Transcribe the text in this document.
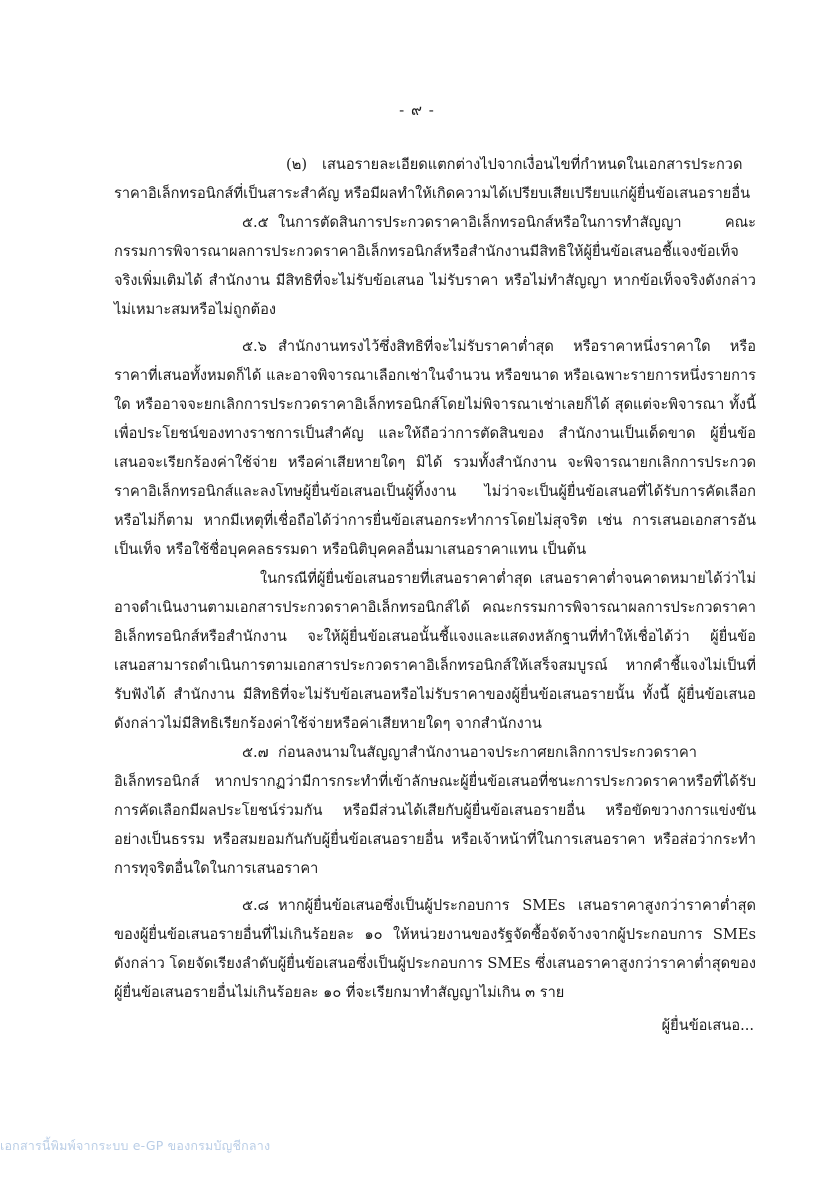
- ๙ -

(๒) เสนอรายละเอียดแตกต่างไปจากเงื่อนไขที่กำหนดในเอกสารประกวดราคาอิเล็กทรอนิกส์ที่เป็นสาระสำคัญ หรือมีผลทำให้เกิดความได้เปรียบเสียเปรียบแก่ผู้ยื่นข้อเสนอรายอื่น

๕.๕ ในการตัดสินการประกวดราคาอิเล็กทรอนิกส์หรือในการทำสัญญา คณะกรรมการพิจารณาผลการประกวดราคาอิเล็กทรอนิกส์หรือสำนักงานมีสิทธิให้ผู้ยื่นข้อเสนอชี้แจงข้อเท็จจริงเพิ่มเติมได้ สำนักงาน มีสิทธิที่จะไม่รับข้อเสนอ ไม่รับราคา หรือไม่ทำสัญญา หากข้อเท็จจริงดังกล่าว ไม่เหมาะสมหรือไม่ถูกต้อง

๕.๖ สำนักงานทรงไว้ซึ่งสิทธิที่จะไม่รับราคาต่ำสุด หรือราคาหนึ่งราคาใด หรือราคาที่เสนอทั้งหมดก็ได้ และอาจพิจารณาเลือกเช่าในจำนวน หรือขนาด หรือเฉพาะรายการหนึ่งรายการใด หรืออาจจะยกเลิกการประกวดราคาอิเล็กทรอนิกส์โดยไม่พิจารณาเช่าเลยก็ได้ สุดแต่จะพิจารณา ทั้งนี้ เพื่อประโยชน์ของทางราชการเป็นสำคัญ และให้ถือว่าการตัดสินของ สำนักงานเป็นเด็ดขาด ผู้ยื่นข้อเสนอจะเรียกร้องค่าใช้จ่าย หรือค่าเสียหายใดๆ มิได้ รวมทั้งสำนักงาน จะพิจารณายกเลิกการประกวดราคาอิเล็กทรอนิกส์และลงโทษผู้ยื่นข้อเสนอเป็นผู้ทิ้งงาน ไม่ว่าจะเป็นผู้ยื่นข้อเสนอที่ได้รับการคัดเลือกหรือไม่ก็ตาม หากมีเหตุที่เชื่อถือได้ว่าการยื่นข้อเสนอกระทำการโดยไม่สุจริต เช่น การเสนอเอกสารอันเป็นเท็จ หรือใช้ชื่อบุคคลธรรมดา หรือนิติบุคคลอื่นมาเสนอราคาแทน เป็นต้น

ในกรณีที่ผู้ยื่นข้อเสนอรายที่เสนอราคาต่ำสุด เสนอราคาต่ำจนคาดหมายได้ว่าไม่อาจดำเนินงานตามเอกสารประกวดราคาอิเล็กทรอนิกส์ได้ คณะกรรมการพิจารณาผลการประกวดราคาอิเล็กทรอนิกส์หรือสำนักงาน จะให้ผู้ยื่นข้อเสนอนั้นชี้แจงและแสดงหลักฐานที่ทำให้เชื่อได้ว่า ผู้ยื่นข้อเสนอสามารถดำเนินการตามเอกสารประกวดราคาอิเล็กทรอนิกส์ให้เสร็จสมบูรณ์ หากคำชี้แจงไม่เป็นที่รับฟังได้ สำนักงาน มีสิทธิที่จะไม่รับข้อเสนอหรือไม่รับราคาของผู้ยื่นข้อเสนอรายนั้น ทั้งนี้ ผู้ยื่นข้อเสนอดังกล่าวไม่มีสิทธิเรียกร้องค่าใช้จ่ายหรือค่าเสียหายใดๆ จากสำนักงาน

๕.๗ ก่อนลงนามในสัญญาสำนักงานอาจประกาศยกเลิกการประกวดราคาอิเล็กทรอนิกส์ หากปรากฏว่ามีการกระทำที่เข้าลักษณะผู้ยื่นข้อเสนอที่ชนะการประกวดราคาหรือที่ได้รับการคัดเลือกมีผลประโยชน์ร่วมกัน หรือมีส่วนได้เสียกับผู้ยื่นข้อเสนอรายอื่น หรือขัดขวางการแข่งขันอย่างเป็นธรรม หรือสมยอมกันกับผู้ยื่นข้อเสนอรายอื่น หรือเจ้าหน้าที่ในการเสนอราคา หรือส่อว่ากระทำการทุจริตอื่นใดในการเสนอราคา

๕.๘ หากผู้ยื่นข้อเสนอซึ่งเป็นผู้ประกอบการ SMEs เสนอราคาสูงกว่าราคาต่ำสุดของผู้ยื่นข้อเสนอรายอื่นที่ไม่เกินร้อยละ ๑๐ ให้หน่วยงานของรัฐจัดซื้อจัดจ้างจากผู้ประกอบการ SMEs ดังกล่าว โดยจัดเรียงลำดับผู้ยื่นข้อเสนอซึ่งเป็นผู้ประกอบการ SMEs ซึ่งเสนอราคาสูงกว่าราคาต่ำสุดของผู้ยื่นข้อเสนอรายอื่นไม่เกินร้อยละ ๑๐ ที่จะเรียกมาทำสัญญาไม่เกิน ๓ ราย

ผู้ยื่นข้อเสนอ...
เอกสารนี้พิมพ์จากระบบ e-GP ของกรมบัญชีกลาง
